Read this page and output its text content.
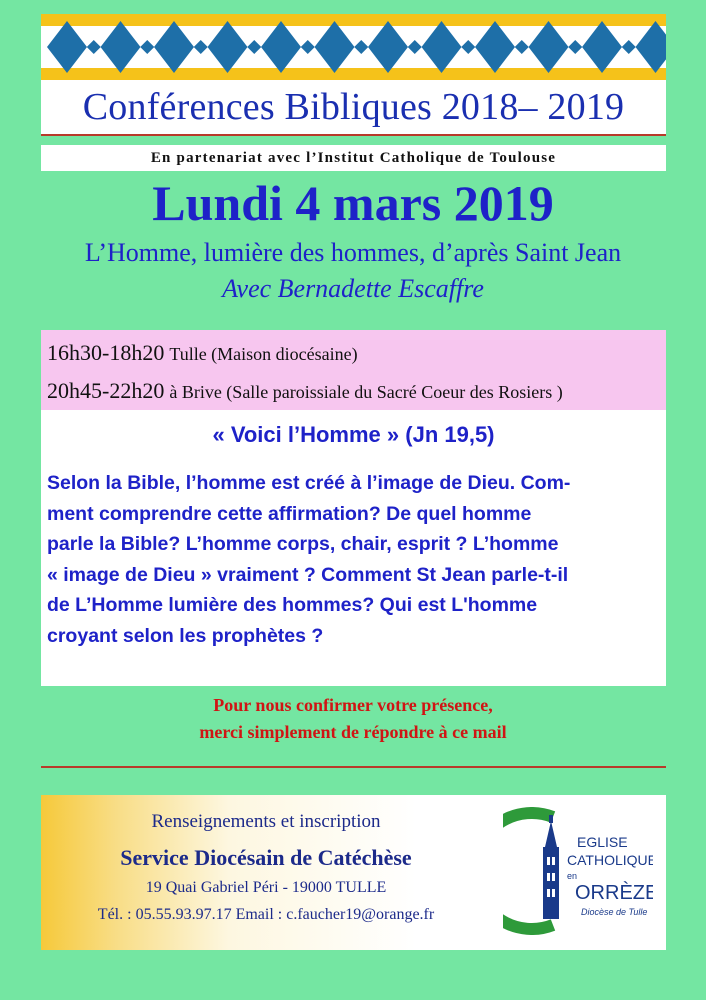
Conférences Bibliques 2018– 2019
En partenariat avec l’Institut Catholique de Toulouse
Lundi 4 mars 2019
L’Homme, lumière des hommes, d’après Saint Jean
Avec Bernadette Escaffre
16h30-18h20 Tulle (Maison diocésaine)
20h45-22h20 à Brive (Salle paroissiale du Sacré Coeur des Rosiers )
« Voici l’Homme » (Jn 19,5)
Selon la Bible, l’homme est créé à l’image de Dieu. Com-
ment comprendre cette affirmation? De quel homme
parle la Bible? L’homme corps, chair, esprit ? L’homme
« image de Dieu » vraiment ? Comment St Jean parle-t-il
de L’Homme lumière des hommes? Qui est L'homme
croyant selon les prophètes ?
Pour nous confirmer votre présence,
merci simplement de répondre à ce mail
Renseignements et inscription
Service Diocésain de Catéchèse
19 Quai Gabriel Péri - 19000 TULLE
Tél. : 05.55.93.97.17 Email : c.faucher19@orange.fr
EGLISE
CATHOLIQUE
en
ORRÈZE
Diocèse de Tulle
